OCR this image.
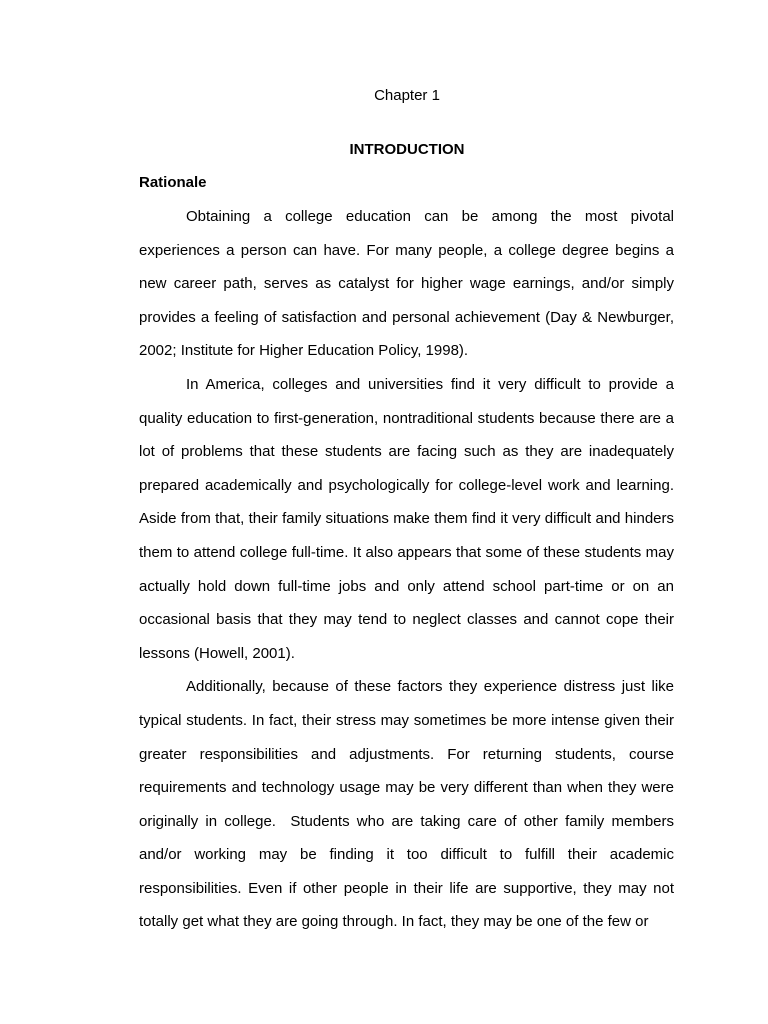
Chapter 1
INTRODUCTION
Rationale

Obtaining a college education can be among the most pivotal experiences a person can have. For many people, a college degree begins a new career path, serves as catalyst for higher wage earnings, and/or simply provides a feeling of satisfaction and personal achievement (Day & Newburger, 2002; Institute for Higher Education Policy, 1998).

In America, colleges and universities find it very difficult to provide a quality education to first-generation, nontraditional students because there are a lot of problems that these students are facing such as they are inadequately prepared academically and psychologically for college-level work and learning.  Aside from that, their family situations make them find it very difficult and hinders them to attend college full-time. It also appears that some of these students may actually hold down full-time jobs and only attend school part-time or on an occasional basis that they may tend to neglect classes and cannot cope their lessons (Howell, 2001).

Additionally, because of these factors they experience distress just like typical students. In fact, their stress may sometimes be more intense given their greater responsibilities and adjustments. For returning students, course requirements and technology usage may be very different than when they were originally in college.  Students who are taking care of other family members and/or working may be finding it too difficult to fulfill their academic responsibilities. Even if other people in their life are supportive, they may not totally get what they are going through. In fact, they may be one of the few or
